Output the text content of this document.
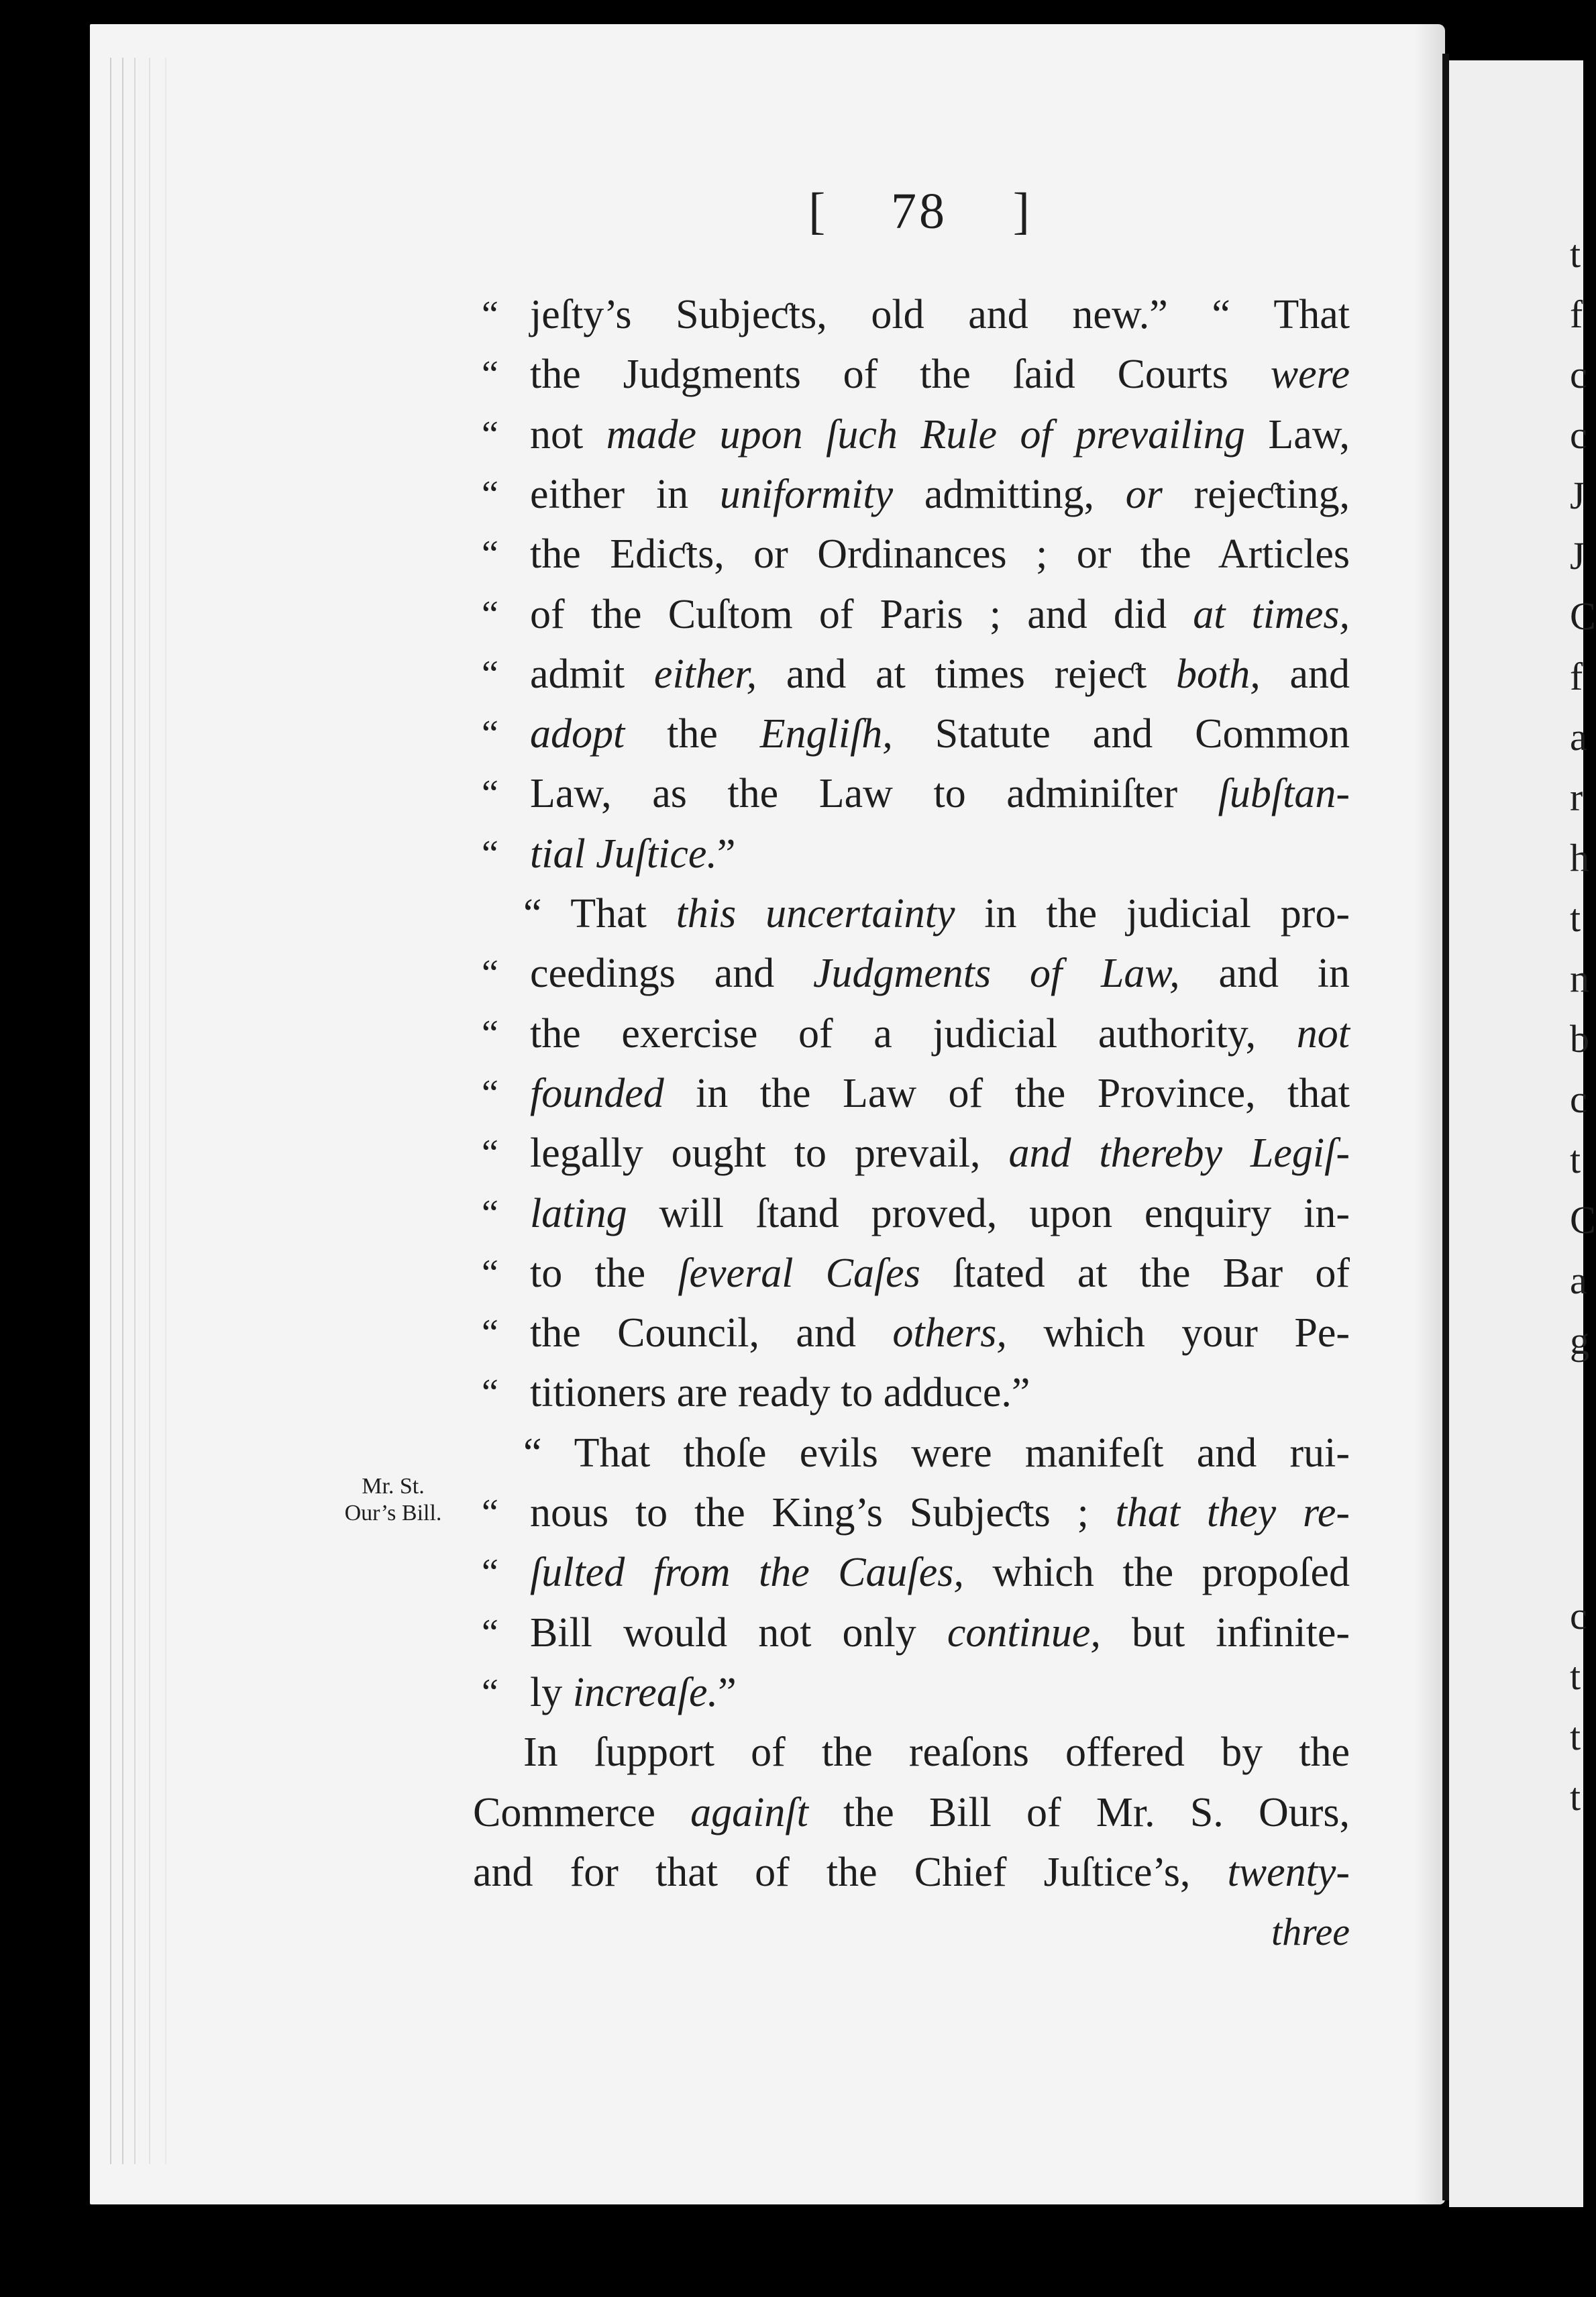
t
f
c
c
J
J
C
f
a
r
h
t
n
b
c
t
C
a
g
c
t
t
t
[ 78 ]
“ jeſty’s Subjeƈts, old and new.” “ That
“ the Judgments of the ſaid Courts were
“ not made upon ſuch Rule of prevailing Law,
“ either in uniformity admitting, or rejeƈting,
“ the Ediƈts, or Ordinances ; or the Articles
“ of the Cuſtom of Paris ; and did at times,
“ admit either, and at times rejeƈt both, and
“ adopt the Engliſh, Statute and Common
“ Law, as the Law to adminiſter ſubſtan-
“ tial Juſtice.”
“ That this uncertainty in the judicial pro-
“ ceedings and Judgments of Law, and in
“ the exercise of a judicial authority, not
“ founded in the Law of the Province, that
“ legally ought to prevail, and thereby Legiſ-
“ lating will ſtand proved, upon enquiry in-
“ to the ſeveral Caſes ſtated at the Bar of
“ the Council, and others, which your Pe-
“ titioners are ready to adduce.”
“ That thoſe evils were manifeſt and rui-
“ nous to the King’s Subjeƈts ; that they re-
“ ſulted from the Cauſes, which the propoſed
“ Bill would not only continue, but infinite-
“ ly increaſe.”
In ſupport of the reaſons offered by the
Commerce againſt the Bill of Mr. S. Ours,
and for that of the Chief Juſtice’s, twenty-
three
Mr. St.
Our’s Bill.
